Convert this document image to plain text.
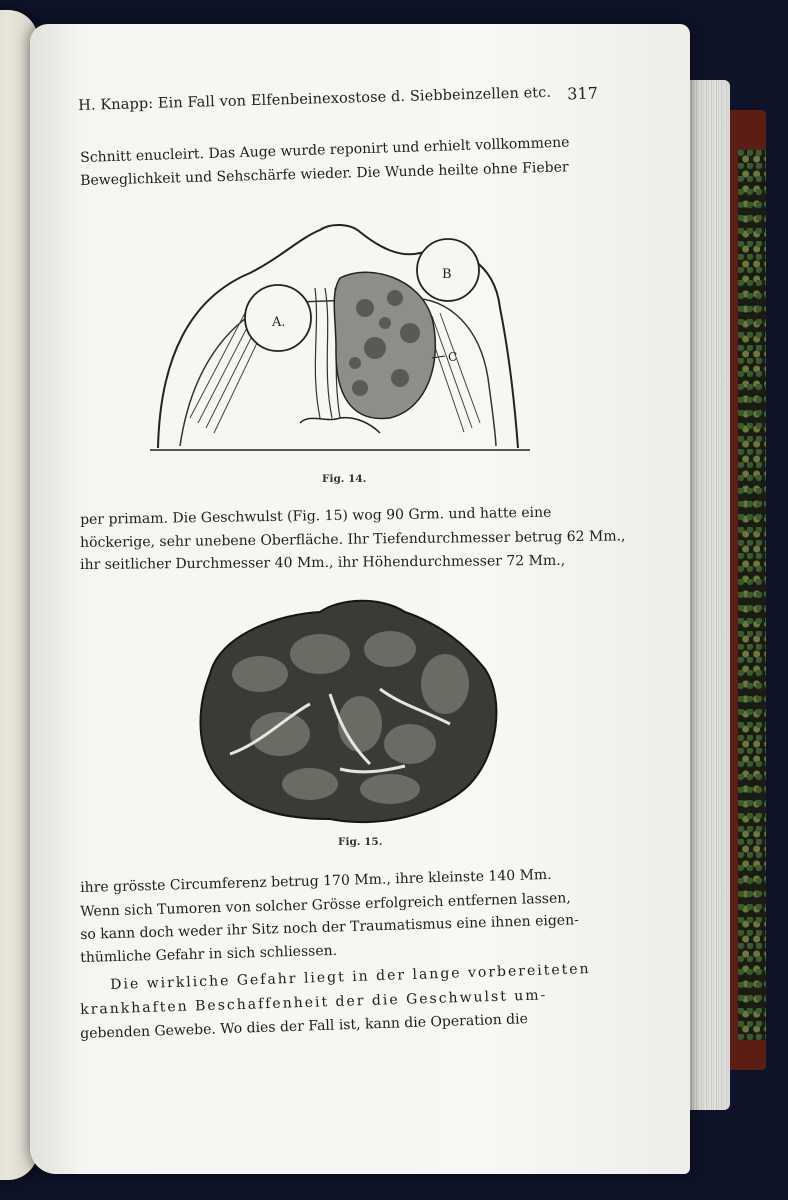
H. Knapp: Ein Fall von Elfenbeinexostose d. Siebbeinzellen etc. 317
Schnitt enucleirt. Das Auge wurde reponirt und erhielt vollkommene
Beweglichkeit und Sehschärfe wieder. Die Wunde heilte ohne Fieber
A.
B
C
Fig. 14.
per primam. Die Geschwulst (Fig. 15) wog 90 Grm. und hatte eine
höckerige, sehr unebene Oberfläche. Ihr Tiefendurchmesser betrug 62 Mm.,
ihr seitlicher Durchmesser 40 Mm., ihr Höhendurchmesser 72 Mm.,
Fig. 15.
ihre grösste Circumferenz betrug 170 Mm., ihre kleinste 140 Mm.
Wenn sich Tumoren von solcher Grösse erfolgreich entfernen lassen,
so kann doch weder ihr Sitz noch der Traumatismus eine ihnen eigen-
thümliche Gefahr in sich schliessen.
Die wirkliche Gefahr liegt in der lange vorbereiteten
krankhaften Beschaffenheit der die Geschwulst um-
gebenden Gewebe. Wo dies der Fall ist, kann die Operation die
